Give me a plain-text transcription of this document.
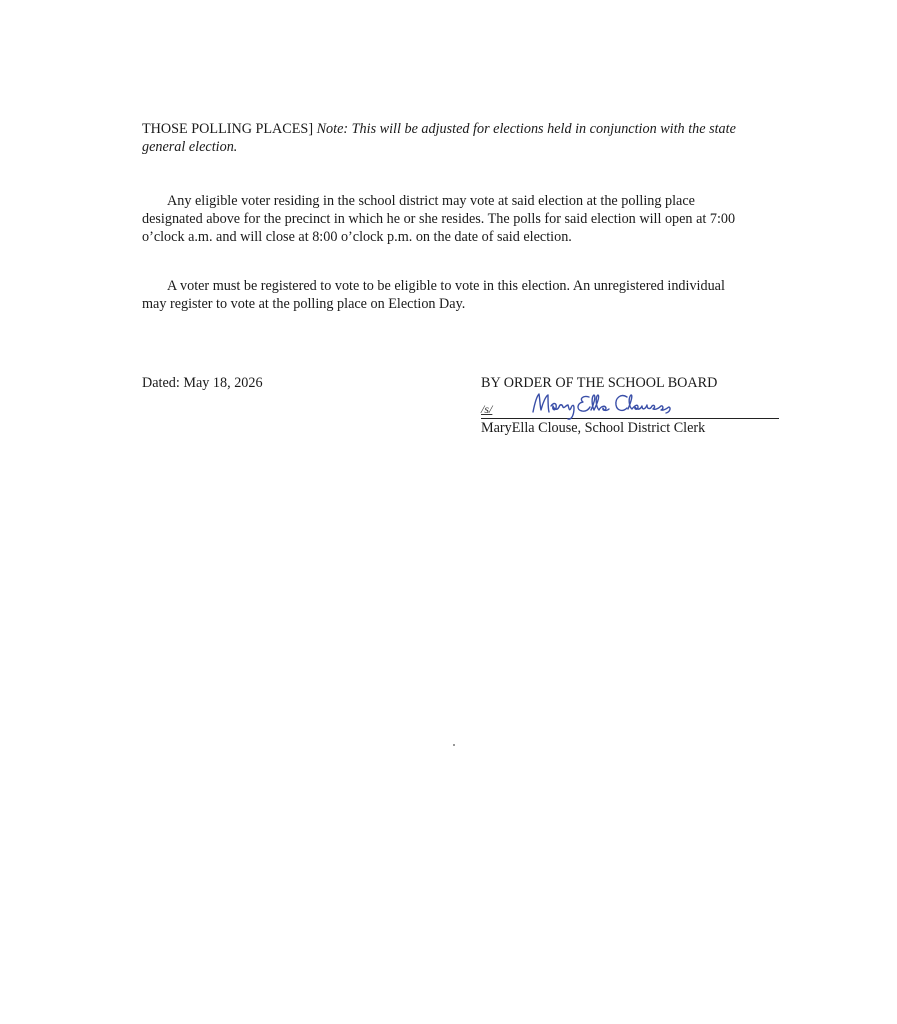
THOSE POLLING PLACES] Note: This will be adjusted for elections held in conjunction with the state general election.

Any eligible voter residing in the school district may vote at said election at the polling place designated above for the precinct in which he or she resides. The polls for said election will open at 7:00 o’clock a.m. and will close at 8:00 o’clock p.m. on the date of said election.

A voter must be registered to vote to be eligible to vote in this election. An unregistered individual may register to vote at the polling place on Election Day.

Dated: May 18, 2026	BY ORDER OF THE SCHOOL BOARD
/s/
MaryElla Clouse, School District Clerk
